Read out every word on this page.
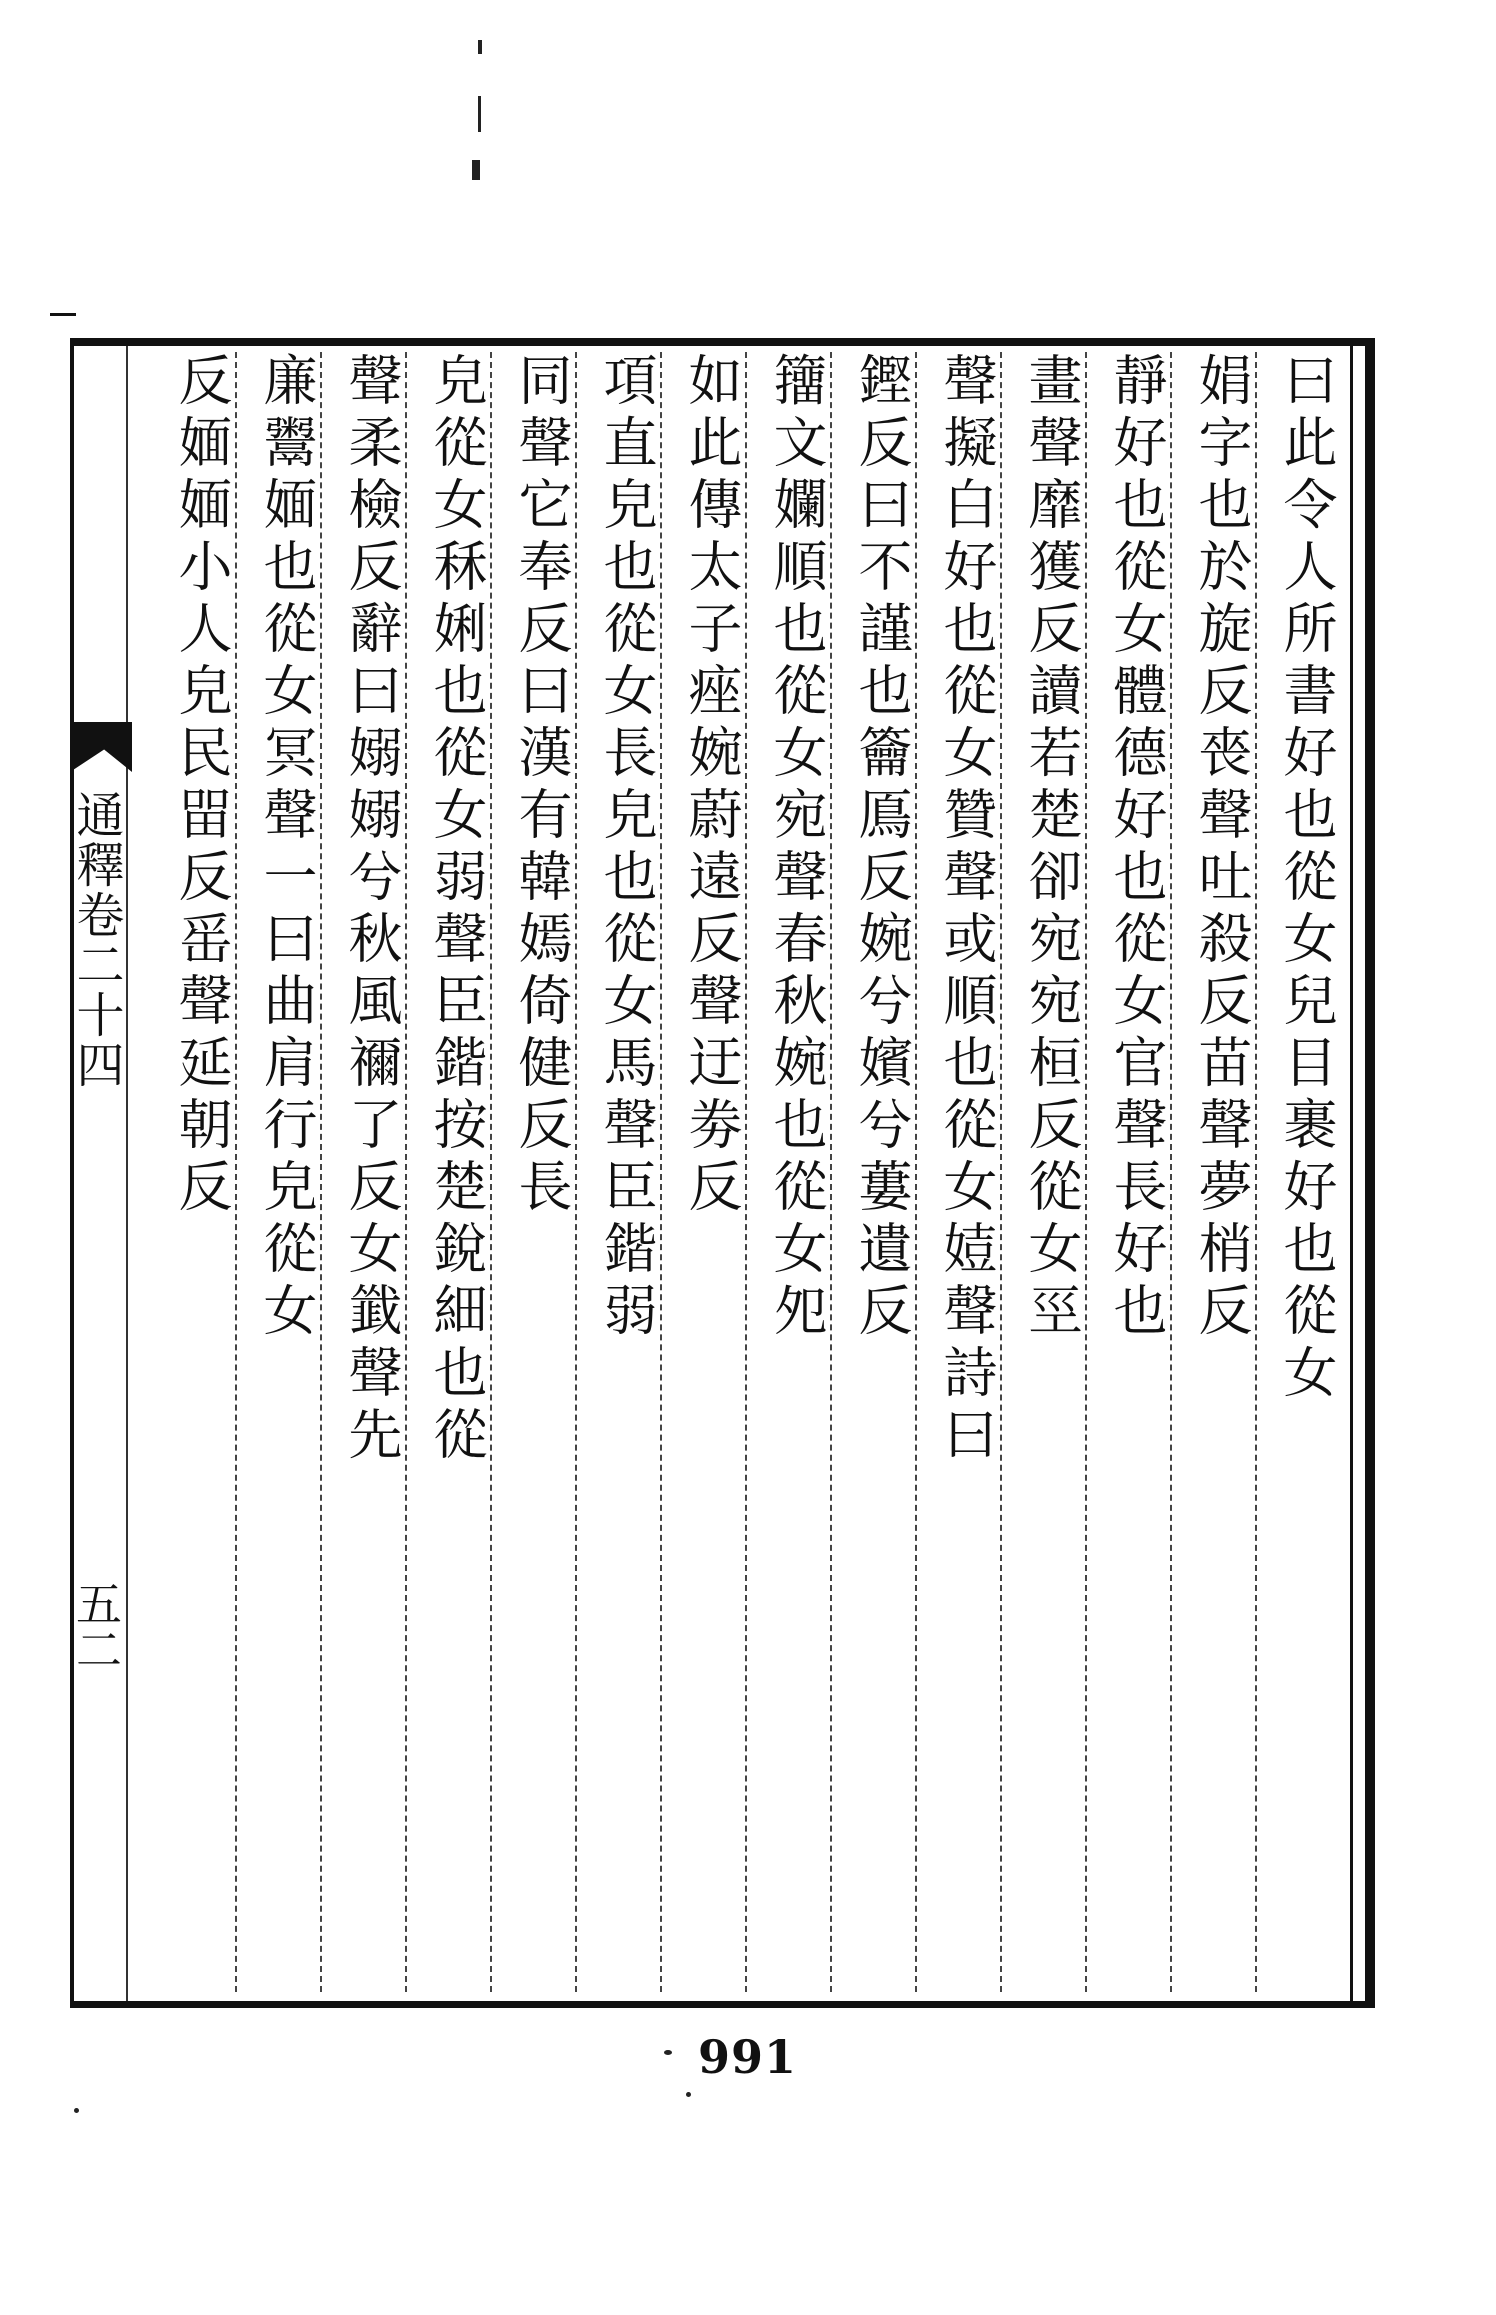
通釋卷二十四
五二
曰此令人所書好也從女兒目裹好也從女
娟字也於旋反䘮聲吐殺反苗聲夢梢反
靜好也從女體德好也從女官聲長好也
畫聲靡獲反讀若楚卻宛宛桓反從女巠
聲擬白好也從女贊聲或順也從女㛸聲詩曰
鏗反曰不謹也籥鳫反婉兮嬪兮蔞遺反
籒文孄順也從女宛聲春秋婉也從女夗
如此傳太子痤婉蔚遠反聲迂劵反
項直皃也從女長皃也從女馬聲臣鍇弱
同聲它奉反曰漢有韓嫣倚健反長
皃從女秝娳也從女弱聲臣鍇按楚銳細也從
聲柔檢反辭曰嫋嫋兮秋風禰了反女韱聲先
廉鬻媔也從女冥聲一曰曲肩行皃從女
反媔媔小人皃民㽞反䍃聲延朝反
991
